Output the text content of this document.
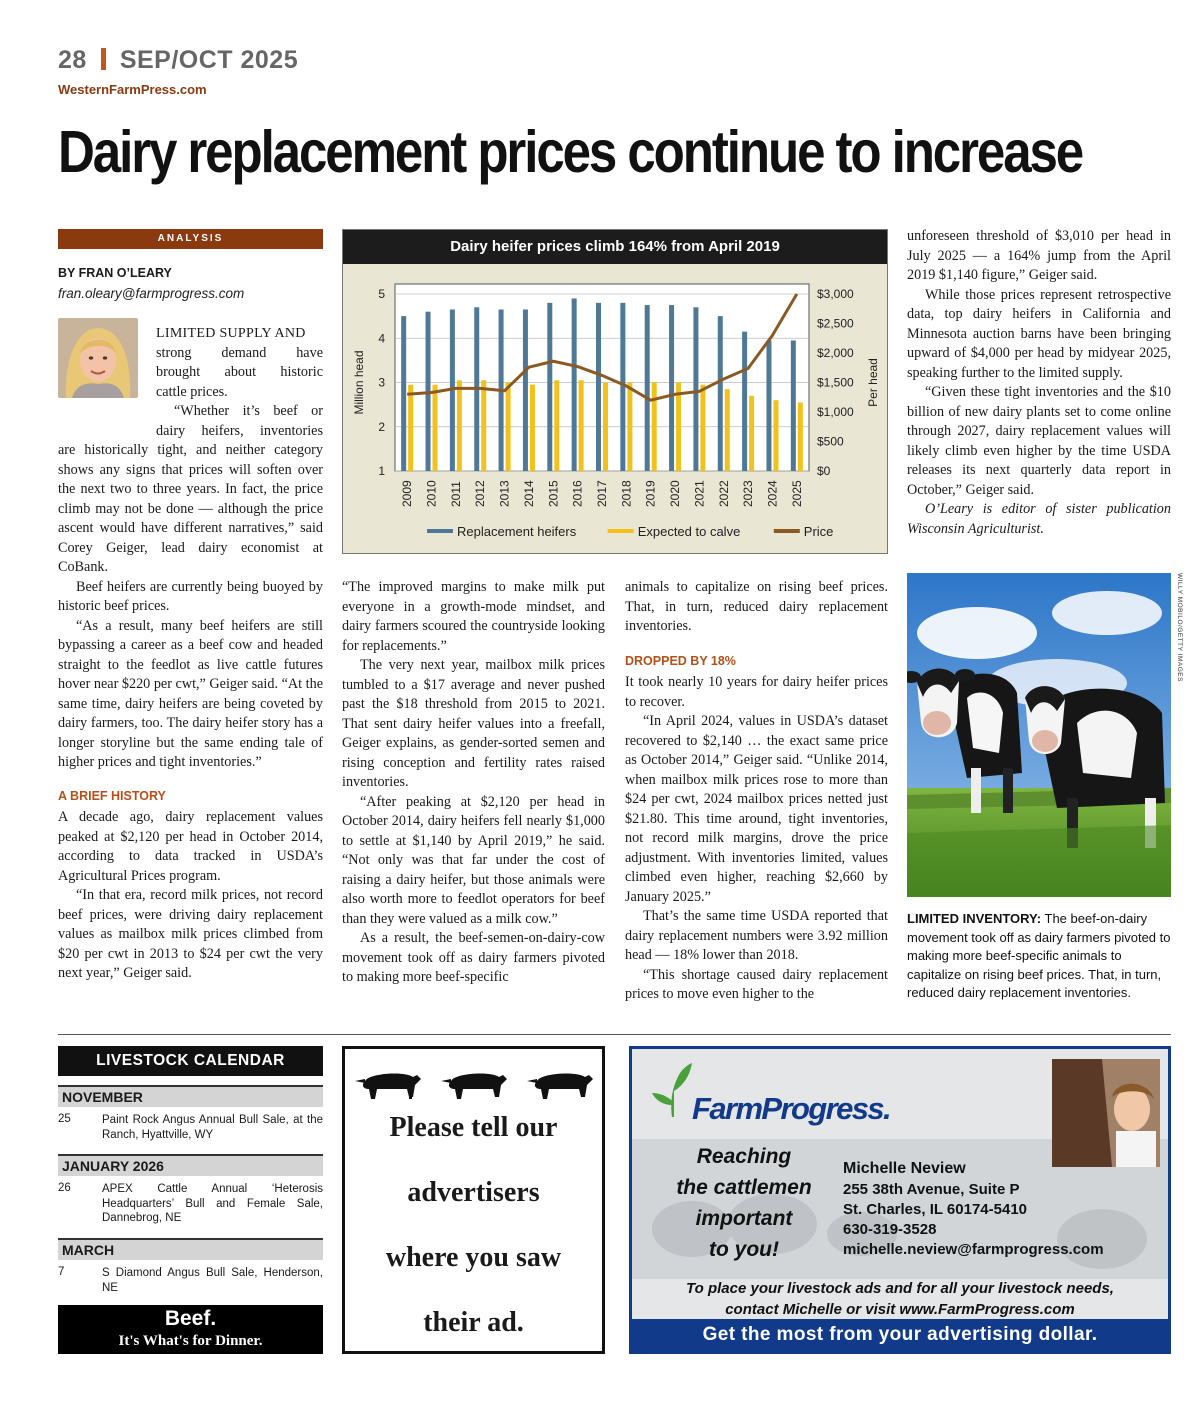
28 SEP/OCT 2025
WesternFarmPress.com
Dairy replacement prices continue to increase
ANALYSIS
BY FRAN O’LEARY
fran.oleary@farmprogress.com
LIMITED SUPPLY AND
strong demand have
brought about historic
cattle prices.
“Whether it’s beef or
dairy heifers, inventories

are historically tight, and neither category shows any signs that prices will soften over the next two to three years. In fact, the price climb may not be done — although the price ascent would have different narratives,” said Corey Geiger, lead dairy economist at CoBank.

Beef heifers are currently being buoyed by historic beef prices.

“As a result, many beef heifers are still bypassing a career as a beef cow and headed straight to the feedlot as live cattle futures hover near $220 per cwt,” Geiger said. “At the same time, dairy heifers are being coveted by dairy farmers, too. The dairy heifer story has a longer storyline but the same ending tale of higher prices and tight inventories.”

A BRIEF HISTORY

A decade ago, dairy replacement values peaked at $2,120 per head in October 2014, according to data tracked in USDA’s Agricultural Prices program.

“In that era, record milk prices, not record beef prices, were driving dairy replacement values as mailbox milk prices climbed from $20 per cwt in 2013 to $24 per cwt the very next year,” Geiger said.

Dairy heifer prices climb 164% from April 2019
1
2
3
4
5
$0
$500
$1,000
$1,500
$2,000
$2,500
$3,000
Million head	Per head
2009 2010 2011 2012 2013 2014 2015 2016 2017 2018 2019 2020 2021 2022 2023 2024 2025
Replacement heifers	Expected to calve	Price

“The improved margins to make milk put everyone in a growth-mode mindset, and dairy farmers scoured the countryside looking for replacements.”

The very next year, mailbox milk prices tumbled to a $17 average and never pushed past the $18 threshold from 2015 to 2021. That sent dairy heifer values into a freefall, Geiger explains, as gender-sorted semen and rising conception and fertility rates raised inventories.

“After peaking at $2,120 per head in October 2014, dairy heifers fell nearly $1,000 to settle at $1,140 by April 2019,” he said. “Not only was that far under the cost of raising a dairy heifer, but those animals were also worth more to feedlot operators for beef than they were valued as a milk cow.”

As a result, the beef-semen-on-dairy-cow movement took off as dairy farmers pivoted to making more beef-specific

animals to capitalize on rising beef prices. That, in turn, reduced dairy replacement inventories.

DROPPED BY 18%

It took nearly 10 years for dairy heifer prices to recover.

“In April 2024, values in USDA’s dataset recovered to $2,140 … the exact same price as October 2014,” Geiger said. “Unlike 2014, when mailbox milk prices rose to more than $24 per cwt, 2024 mailbox prices netted just $21.80. This time around, tight inventories, not record milk margins, drove the price adjustment. With inventories limited, values climbed even higher, reaching $2,660 by January 2025.”

That’s the same time USDA reported that dairy replacement numbers were 3.92 million head — 18% lower than 2018.

“This shortage caused dairy replacement prices to move even higher to the

unforeseen threshold of $3,010 per head in July 2025 — a 164% jump from the April 2019 $1,140 figure,” Geiger said.

While those prices represent retrospective data, top dairy heifers in California and Minnesota auction barns have been bringing upward of $4,000 per head by midyear 2025, speaking further to the limited supply.

“Given these tight inventories and the $10 billion of new dairy plants set to come online through 2027, dairy replacement values will likely climb even higher by the time USDA releases its next quarterly data report in October,” Geiger said.

O’Leary is editor of sister publication Wisconsin Agriculturist.

WILLY MOBILO/GETTY IMAGES
LIMITED INVENTORY: The beef-on-dairy movement took off as dairy farmers pivoted to making more beef-specific animals to capitalize on rising beef prices. That, in turn, reduced dairy replacement inventories.
LIVESTOCK CALENDAR
NOVEMBER
25	Paint Rock Angus Annual Bull Sale, at the Ranch, Hyattville, WY
JANUARY 2026
26	APEX Cattle Annual ‘Heterosis Headquarters’ Bull and Female Sale, Dannebrog, NE
MARCH
7	S Diamond Angus Bull Sale, Henderson, NE
Beef.
It's What's for Dinner.
Please tell our
advertisers
where you saw
their ad.
FarmProgress.
Reaching
the cattlemen
important
to you!
Michelle Neview
255 38th Avenue, Suite P
St. Charles, IL 60174-5410
630-319-3528
michelle.neview@farmprogress.com
To place your livestock ads and for all your livestock needs,
contact Michelle or visit www.FarmProgress.com
Get the most from your advertising dollar.
